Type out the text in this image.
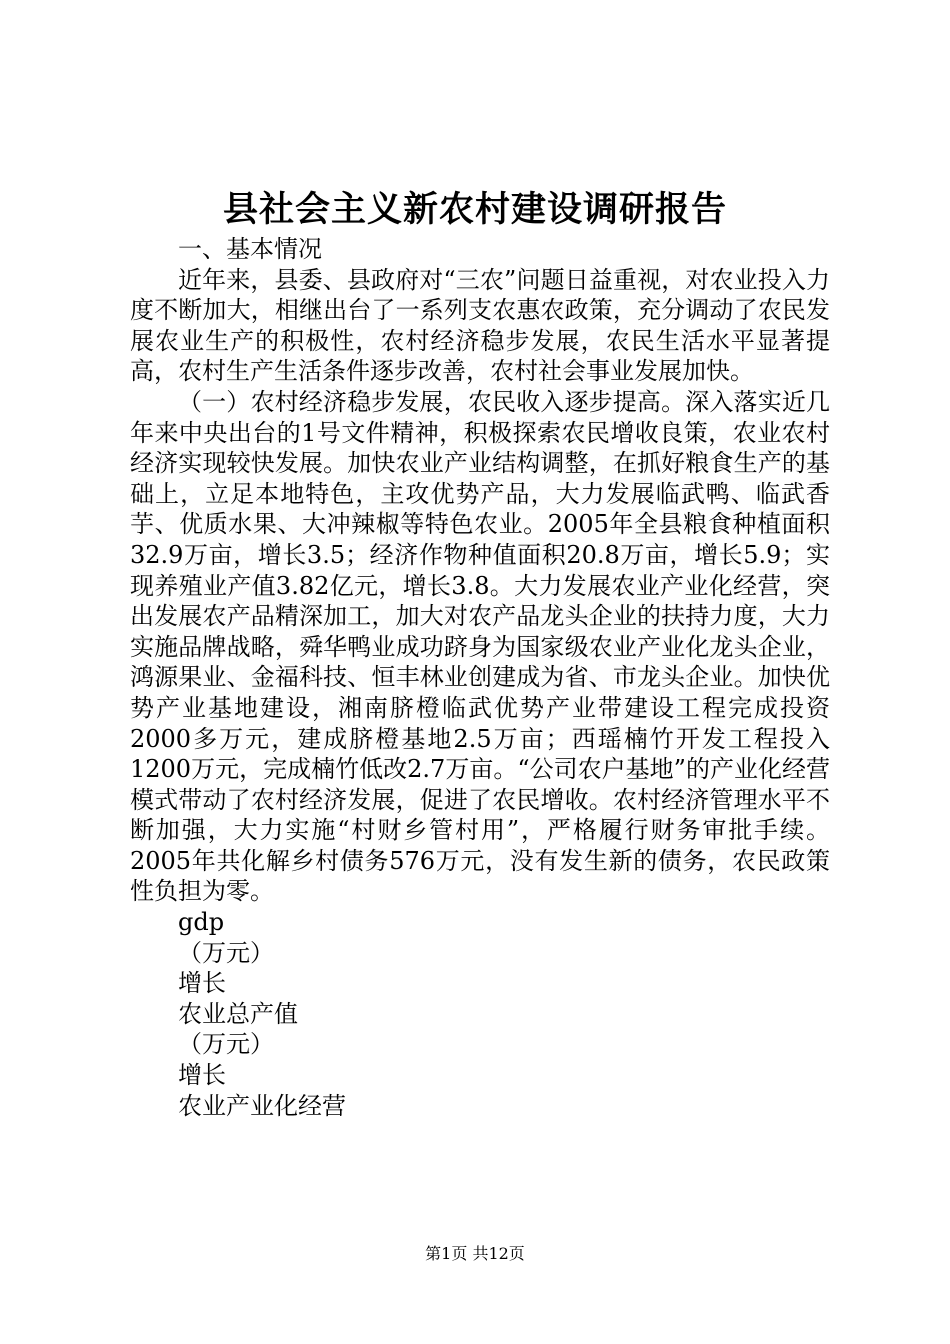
县社会主义新农村建设调研报告

一、基本情况

近年来，县委、县政府对“三农”问题日益重视，对农业投入力度不断加大，相继出台了一系列支农惠农政策，充分调动了农民发展农业生产的积极性，农村经济稳步发展，农民生活水平显著提高，农村生产生活条件逐步改善，农村社会事业发展加快。

（一）农村经济稳步发展，农民收入逐步提高。深入落实近几年来中央出台的1号文件精神，积极探索农民增收良策，农业农村经济实现较快发展。加快农业产业结构调整，在抓好粮食生产的基础上，立足本地特色，主攻优势产品，大力发展临武鸭、临武香芋、优质水果、大冲辣椒等特色农业。2005年全县粮食种植面积32.9万亩，增长3.5；经济作物种值面积20.8万亩，增长5.9；实现养殖业产值3.82亿元，增长3.8。大力发展农业产业化经营，突出发展农产品精深加工，加大对农产品龙头企业的扶持力度，大力实施品牌战略，舜华鸭业成功跻身为国家级农业产业化龙头企业，鸿源果业、金福科技、恒丰林业创建成为省、市龙头企业。加快优势产业基地建设，湘南脐橙临武优势产业带建设工程完成投资2000多万元，建成脐橙基地2.5万亩；西瑶楠竹开发工程投入1200万元，完成楠竹低改2.7万亩。“公司农户基地”的产业化经营模式带动了农村经济发展，促进了农民增收。农村经济管理水平不断加强，大力实施“村财乡管村用”，严格履行财务审批手续。2005年共化解乡村债务576万元，没有发生新的债务，农民政策性负担为零。

gdp
（万元）
增长
农业总产值
（万元）
增长
农业产业化经营
第1页 共12页
